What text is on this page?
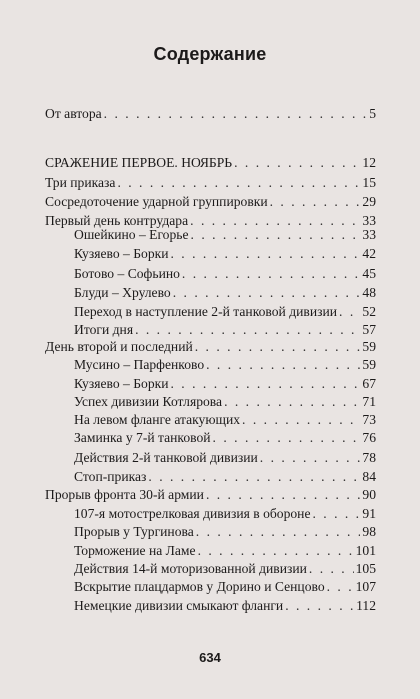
Содержание
От автора . . .	5
СРАЖЕНИЕ ПЕРВОЕ. НОЯБРЬ . . .	12
Три приказа . . .	15
Сосредоточение ударной группировки . . .	29
Первый день контрудара . . .	33
Ошейкино – Егорье . . .	33
Кузяево – Борки . . .	42
Ботово – Софьино . . .	45
Блуди – Хрулево . . .	48
Переход в наступление 2-й танковой дивизии . . . 52
Итоги дня . . .	57
День второй и последний . . .	59
Мусино – Парфенково . . .	59
Кузяево – Борки . . .	67
Успех дивизии Котлярова . . .	71
На левом фланге атакующих . . .	73
Заминка у 7-й танковой . . .	76
Действия 2-й танковой дивизии . . .	78
Стоп-приказ . . .	84
Прорыв фронта 30-й армии . . .	90
107-я мотострелковая дивизия в обороне . . .	91
Прорыв у Тургинова . . .	98
Торможение на Ламе . . .	101
Действия 14-й моторизованной дивизии . . .	105
Вскрытие плацдармов у Дорино и Сенцово . . . 107
Немецкие дивизии смыкают фланги . . .	112
634
